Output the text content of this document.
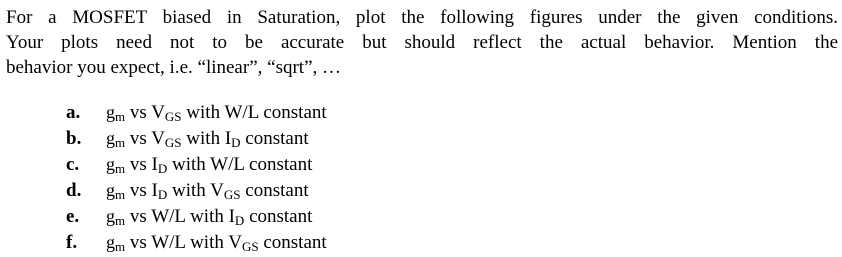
For a MOSFET biased in Saturation, plot the following figures under the given conditions.
Your plots need not to be accurate but should reflect the actual behavior. Mention the
behavior you expect, i.e. “linear”, “sqrt”, …
a.	$g_m$ vs $V_{GS}$ with W/L constant
b.	$g_m$ vs $V_{GS}$ with $I_D$ constant
c.	$g_m$ vs $I_D$ with W/L constant
d.	$g_m$ vs $I_D$ with $V_{GS}$ constant
e.	$g_m$ vs W/L with $I_D$ constant
f.	$g_m$ vs W/L with $V_{GS}$ constant
